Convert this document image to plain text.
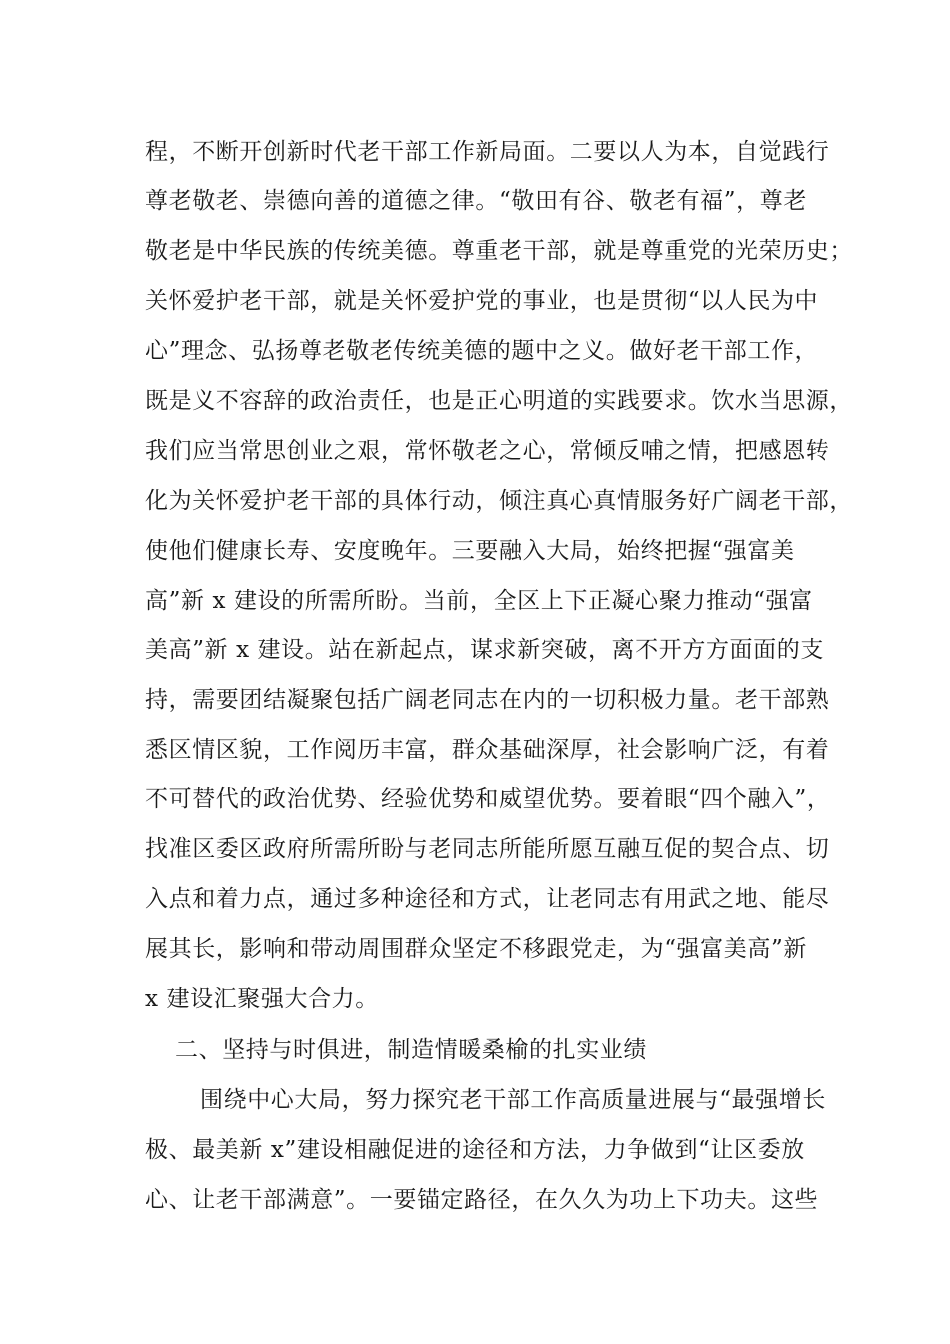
程，不断开创新时代老干部工作新局面。二要以人为本，自觉践行
尊老敬老、崇德向善的道德之律。“敬田有谷、敬老有福”，尊老
敬老是中华民族的传统美德。尊重老干部，就是尊重党的光荣历史；
关怀爱护老干部，就是关怀爱护党的事业，也是贯彻“以人民为中
心”理念、弘扬尊老敬老传统美德的题中之义。做好老干部工作，
既是义不容辞的政治责任，也是正心明道的实践要求。饮水当思源，
我们应当常思创业之艰，常怀敬老之心，常倾反哺之情，把感恩转
化为关怀爱护老干部的具体行动，倾注真心真情服务好广阔老干部，
使他们健康长寿、安度晚年。三要融入大局，始终把握“强富美
高”新 x 建设的所需所盼。当前，全区上下正凝心聚力推动“强富
美高”新 x 建设。站在新起点，谋求新突破，离不开方方面面的支
持，需要团结凝聚包括广阔老同志在内的一切积极力量。老干部熟
悉区情区貌，工作阅历丰富，群众基础深厚，社会影响广泛，有着
不可替代的政治优势、经验优势和威望优势。要着眼“四个融入”，
找准区委区政府所需所盼与老同志所能所愿互融互促的契合点、切
入点和着力点，通过多种途径和方式，让老同志有用武之地、能尽
展其长，影响和带动周围群众坚定不移跟党走，为“强富美高”新
x 建设汇聚强大合力。
二、坚持与时俱进，制造情暖桑榆的扎实业绩
围绕中心大局，努力探究老干部工作高质量进展与“最强增长
极、最美新 x”建设相融促进的途径和方法，力争做到“让区委放
心、让老干部满意”。一要锚定路径，在久久为功上下功夫。这些
